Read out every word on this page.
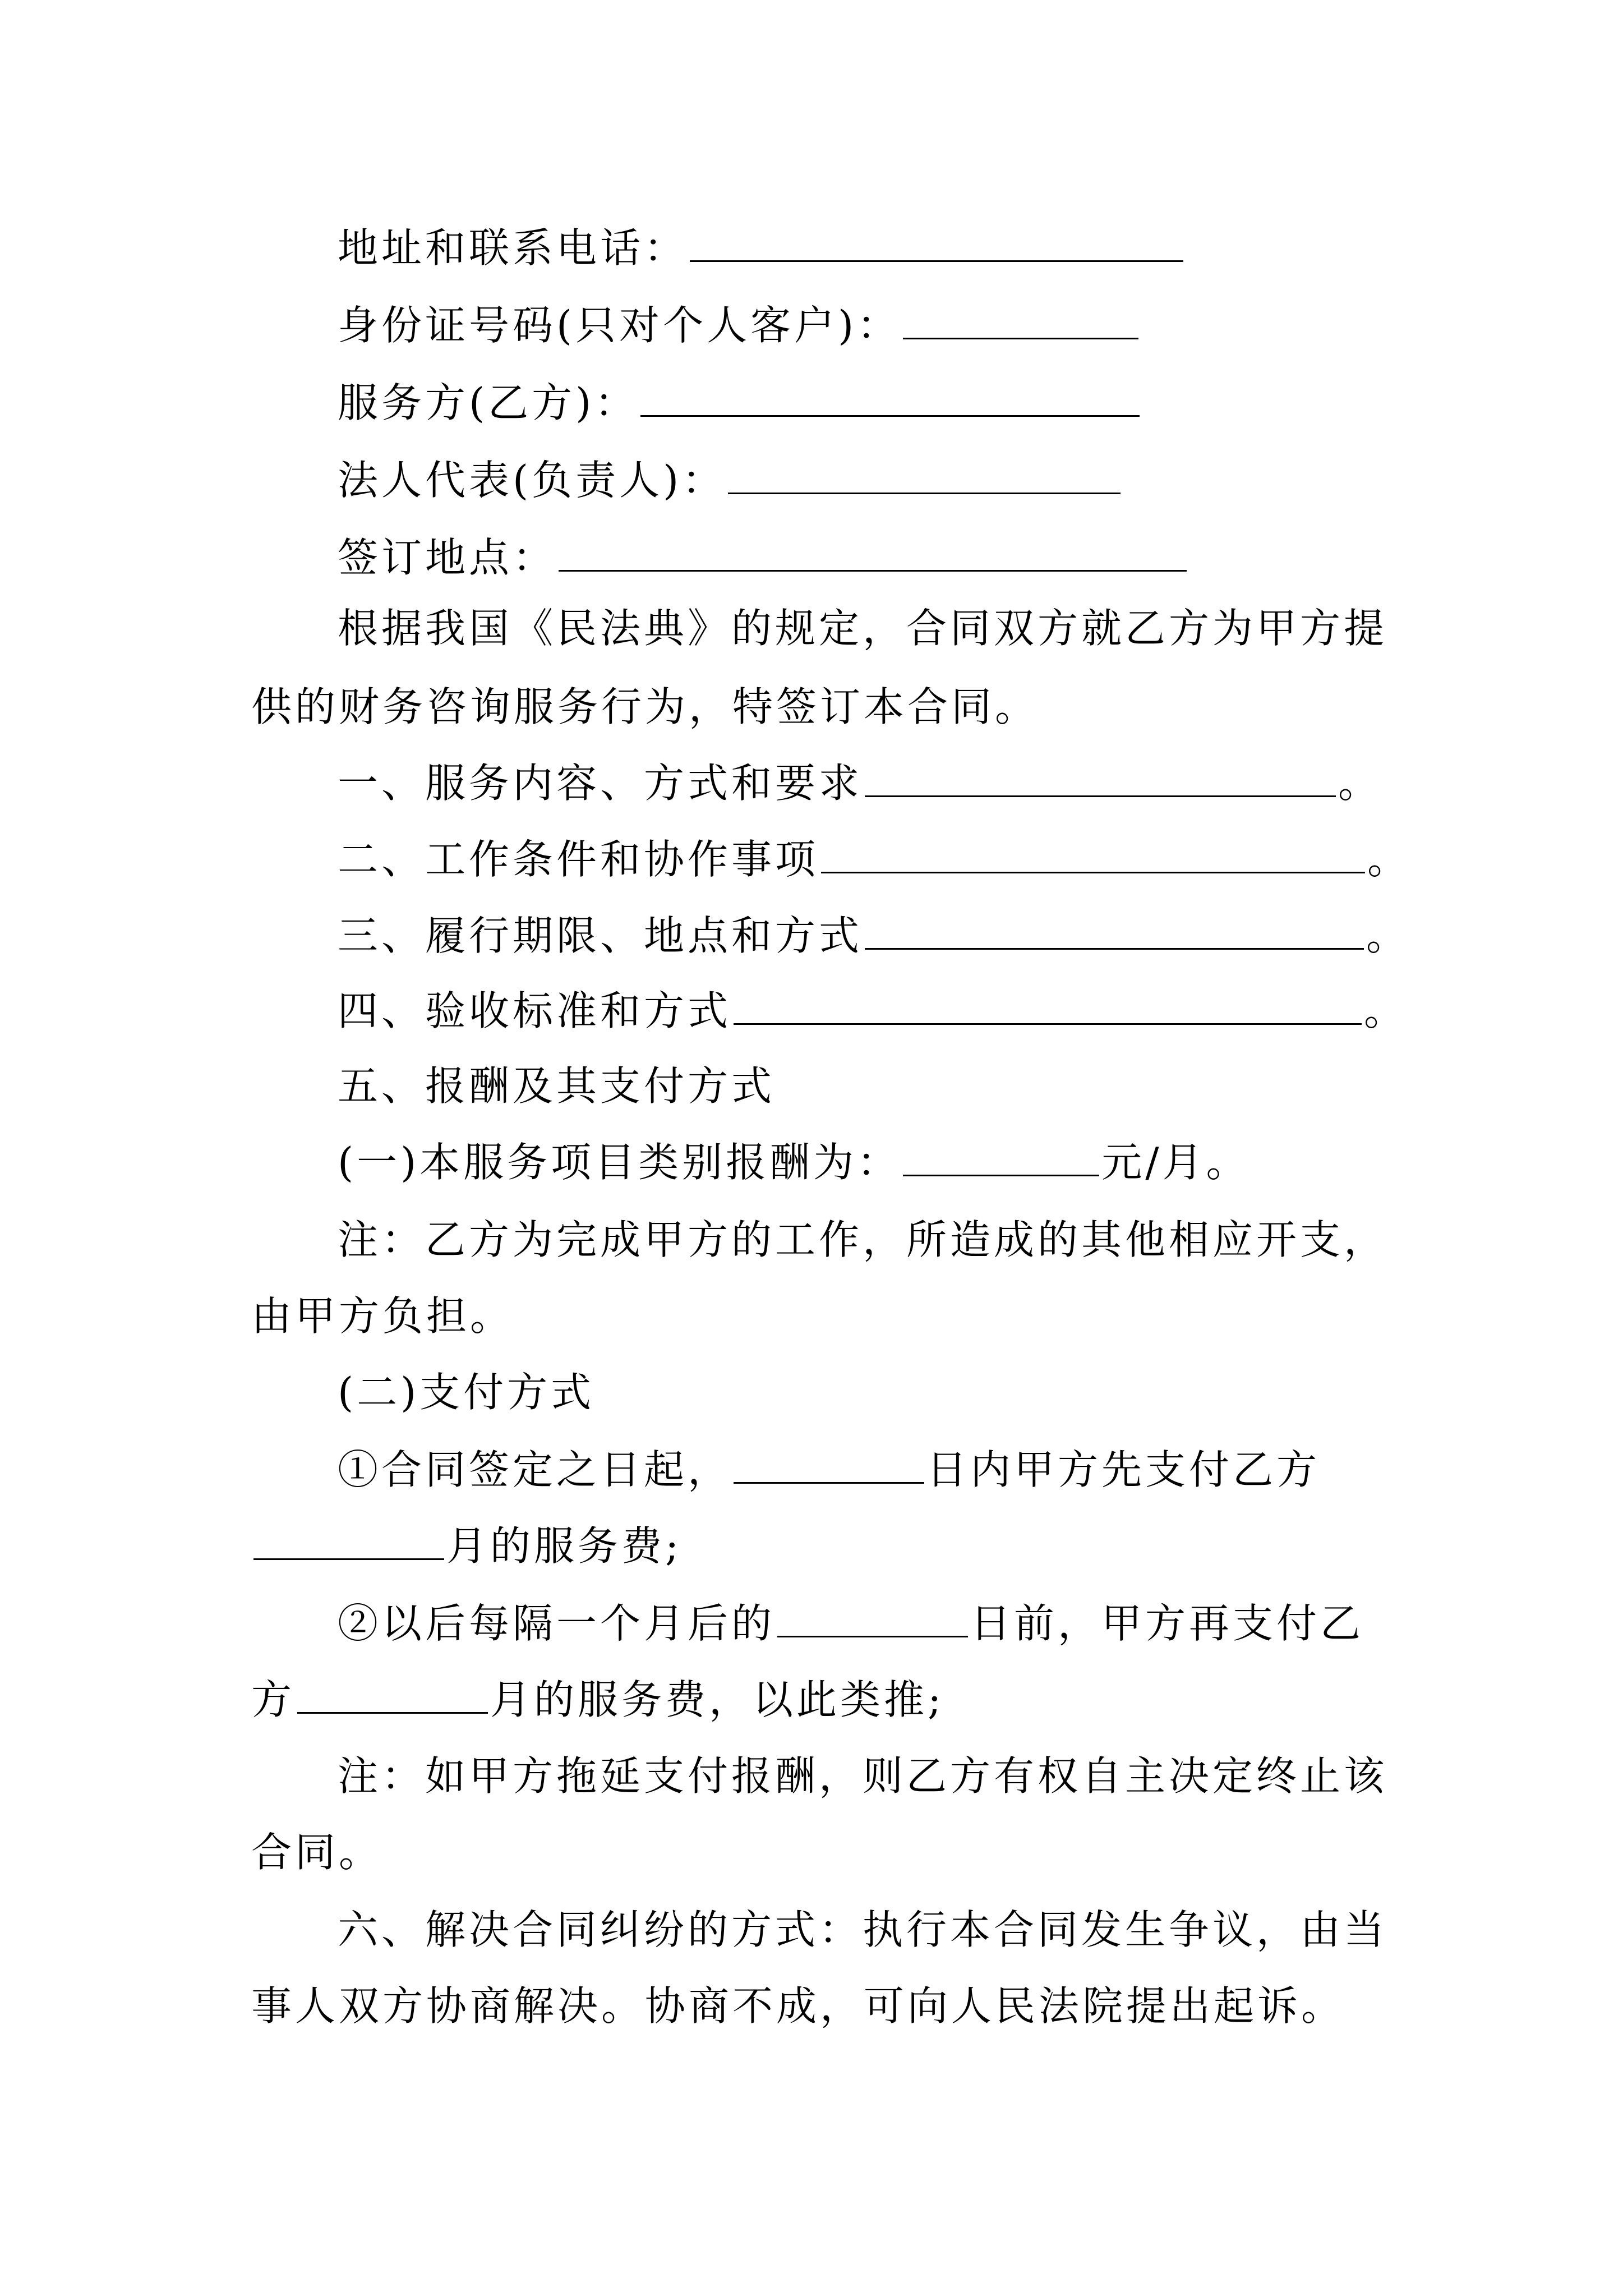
地址和联系电话：
身份证号码(只对个人客户)：
服务方(乙方)：
法人代表(负责人)：
签订地点：
根据我国《民法典》的规定，合同双方就乙方为甲方提
供的财务咨询服务行为，特签订本合同。
一、服务内容、方式和要求	。
二、工作条件和协作事项	。
三、履行期限、地点和方式	。
四、验收标准和方式	。
五、报酬及其支付方式
(一)本服务项目类别报酬为：	元/月。
注：乙方为完成甲方的工作，所造成的其他相应开支，
由甲方负担。
(二)支付方式
①合同签定之日起，	日内甲方先支付乙方
月的服务费;
②以后每隔一个月后的	日前，甲方再支付乙
方	月的服务费，以此类推;
注：如甲方拖延支付报酬，则乙方有权自主决定终止该
合同。
六、解决合同纠纷的方式：执行本合同发生争议，由当
事人双方协商解决。协商不成，可向人民法院提出起诉。
